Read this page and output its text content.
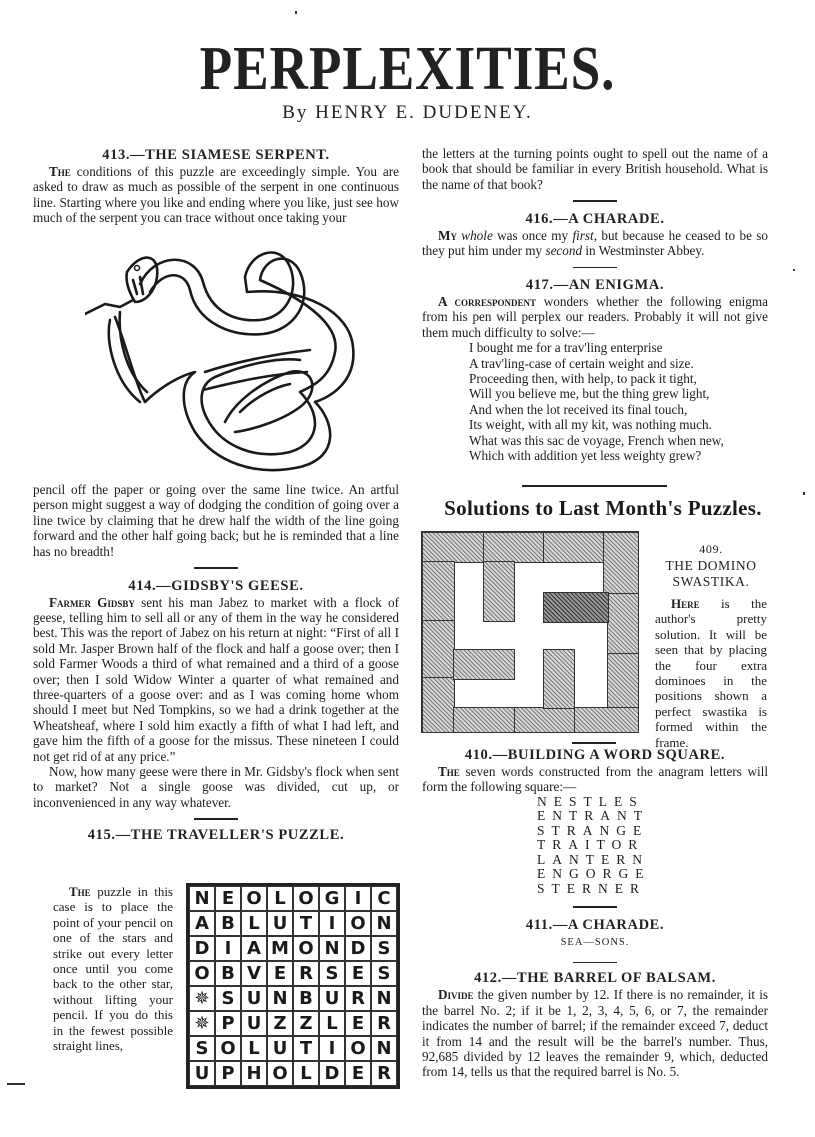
PERPLEXITIES.
By HENRY E. DUDENEY.
413.—THE SIAMESE SERPENT.

The conditions of this puzzle are exceedingly simple. You are asked to draw as much as possible of the serpent in one continuous line. Starting where you like and ending where you like, just see how much of the serpent you can trace without once taking your

pencil off the paper or going over the same line twice. An artful person might suggest a way of dodging the condition of going over a line twice by claiming that he drew half the width of the line going forward and the other half going back; but he is reminded that a line has no breadth!

414.—GIDSBY'S GEESE.

Farmer Gidsby sent his man Jabez to market with a flock of geese, telling him to sell all or any of them in the way he considered best. This was the report of Jabez on his return at night: “First of all I sold Mr. Jasper Brown half of the flock and half a goose over; then I sold Farmer Woods a third of what remained and a third of a goose over; then I sold Widow Winter a quarter of what remained and three-quarters of a goose over: and as I was coming home whom should I meet but Ned Tompkins, so we had a drink together at the Wheatsheaf, where I sold him exactly a fifth of what I had left, and gave him the fifth of a goose for the missus. These nineteen I could not get rid of at any price.”

Now, how many geese were there in Mr. Gidsby's flock when sent to market? Not a single goose was divided, cut up, or inconvenienced in any way whatever.

415.—THE TRAVELLER'S PUZZLE.

The puzzle in this case is to place the point of your pencil on one of the stars and strike out every letter once until you come back to the other star, without lifting your pencil. If you do this in the fewest possible straight lines,

N E O L O G I C
A B L U T I O N
D I A M O N D S
O B V E R S E S
✵ S U N B U R N
✵ P U Z Z L E R
S O L U T I O N
U P H O L D E R

the letters at the turning points ought to spell out the name of a book that should be familiar in every British household. What is the name of that book?

416.—A CHARADE.

My whole was once my first, but because he ceased to be so they put him under my second in Westminster Abbey.

417.—AN ENIGMA.

A correspondent wonders whether the following enigma from his pen will perplex our readers. Probably it will not give them much difficulty to solve:—

I bought me for a trav'ling enterprise
A trav'ling-case of certain weight and size.
Proceeding then, with help, to pack it tight,
Will you believe me, but the thing grew light,
And when the lot received its final touch,
Its weight, with all my kit, was nothing much.
What was this sac de voyage, French when new,
Which with addition yet less weighty grew?
Solutions to Last Month's Puzzles.
409.
THE DOMINO SWASTIKA.

Here is the author's pretty solution. It will be seen that by placing the four extra dominoes in the positions shown a perfect swastika is formed within the frame.

410.—BUILDING A WORD SQUARE.

The seven words constructed from the anagram letters will form the following square:—

NESTLES
ENTRANT
STRANGE
TRAITOR
LANTERN
ENGORGE
STERNER
411.—A CHARADE.
SEA—SONS.
412.—THE BARREL OF BALSAM.

Divide the given number by 12. If there is no remainder, it is the barrel No. 2; if it be 1, 2, 3, 4, 5, 6, or 7, the remainder indicates the number of barrel; if the remainder exceed 7, deduct it from 14 and the result will be the barrel's number. Thus, 92,685 divided by 12 leaves the remainder 9, which, deducted from 14, tells us that the required barrel is No. 5.
